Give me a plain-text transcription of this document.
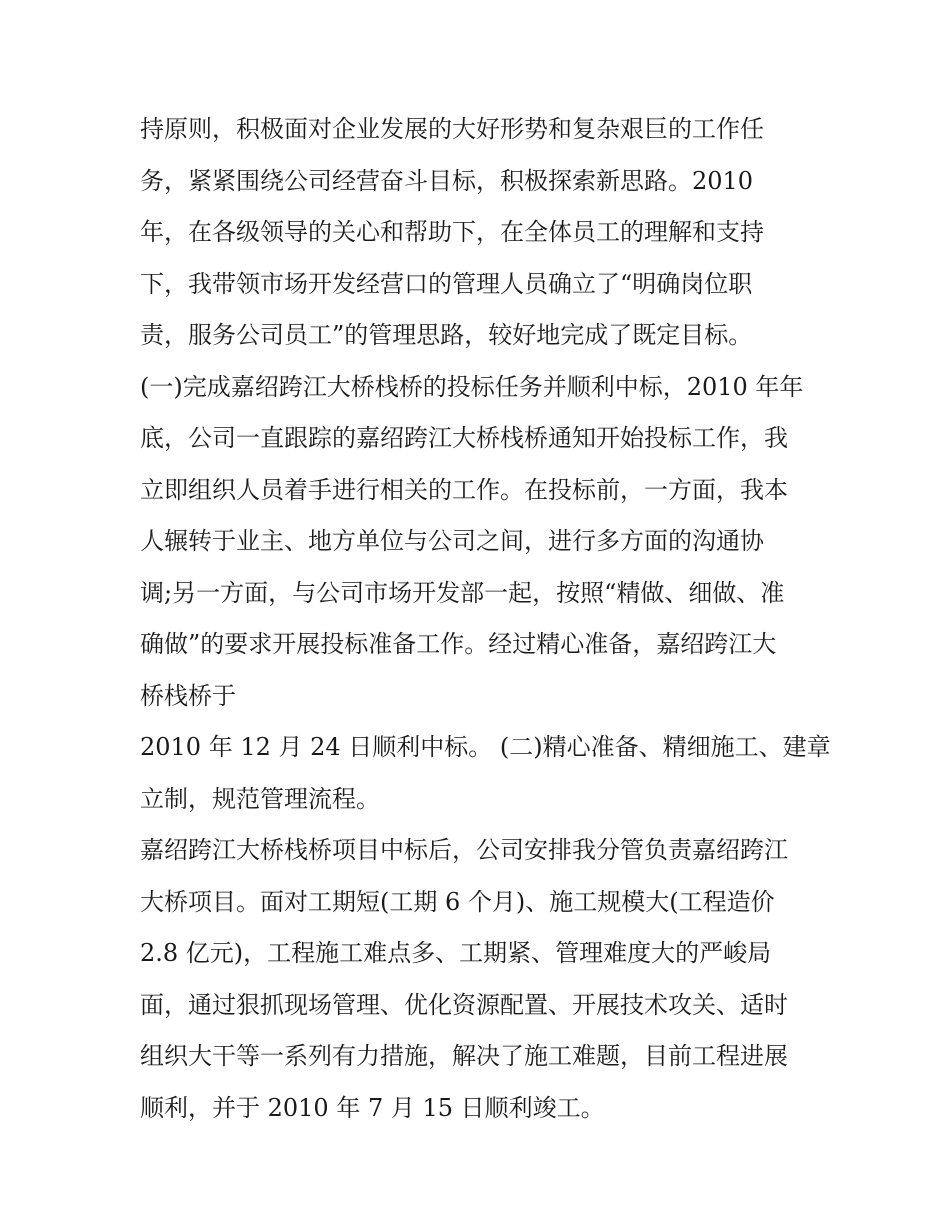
持原则，积极面对企业发展的大好形势和复杂艰巨的工作任
务，紧紧围绕公司经营奋斗目标，积极探索新思路。2010
年，在各级领导的关心和帮助下，在全体员工的理解和支持
下，我带领市场开发经营口的管理人员确立了“明确岗位职
责，服务公司员工”的管理思路，较好地完成了既定目标。
(一)完成嘉绍跨江大桥栈桥的投标任务并顺利中标，2010 年年
底，公司一直跟踪的嘉绍跨江大桥栈桥通知开始投标工作，我
立即组织人员着手进行相关的工作。在投标前，一方面，我本
人辗转于业主、地方单位与公司之间，进行多方面的沟通协
调;另一方面，与公司市场开发部一起，按照“精做、细做、准
确做”的要求开展投标准备工作。经过精心准备，嘉绍跨江大
桥栈桥于
2010 年 12 月 24 日顺利中标。 (二)精心准备、精细施工、建章
立制，规范管理流程。
嘉绍跨江大桥栈桥项目中标后，公司安排我分管负责嘉绍跨江
大桥项目。面对工期短(工期 6 个月)、施工规模大(工程造价
2.8 亿元)，工程施工难点多、工期紧、管理难度大的严峻局
面，通过狠抓现场管理、优化资源配置、开展技术攻关、适时
组织大干等一系列有力措施，解决了施工难题，目前工程进展
顺利，并于 2010 年 7 月 15 日顺利竣工。
